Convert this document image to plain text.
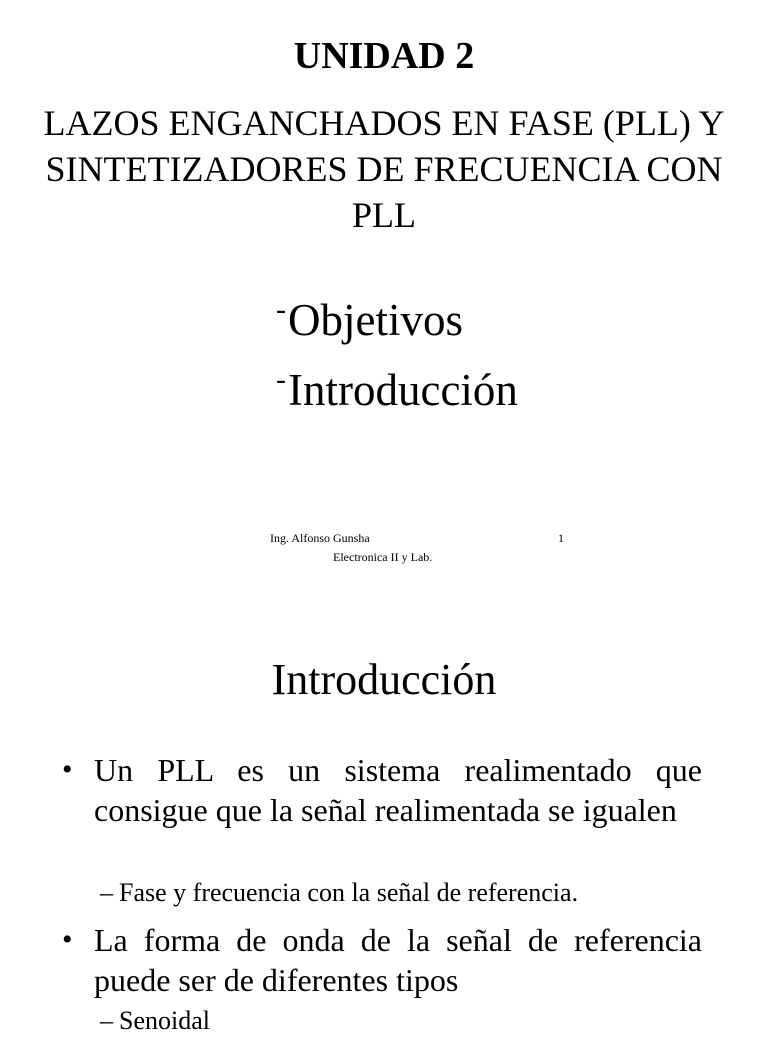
UNIDAD 2
LAZOS ENGANCHADOS EN FASE (PLL) Y SINTETIZADORES DE FRECUENCIA CON PLL
-Objetivos
-Introducción
Ing. Alfonso Gunsha	1
Electronica II y Lab.
Introducción
• Un PLL es un sistema realimentado que consigue que la señal realimentada se igualen
– Fase y frecuencia con la señal de referencia.
• La forma de onda de la señal de referencia puede ser de diferentes tipos
– Senoidal
